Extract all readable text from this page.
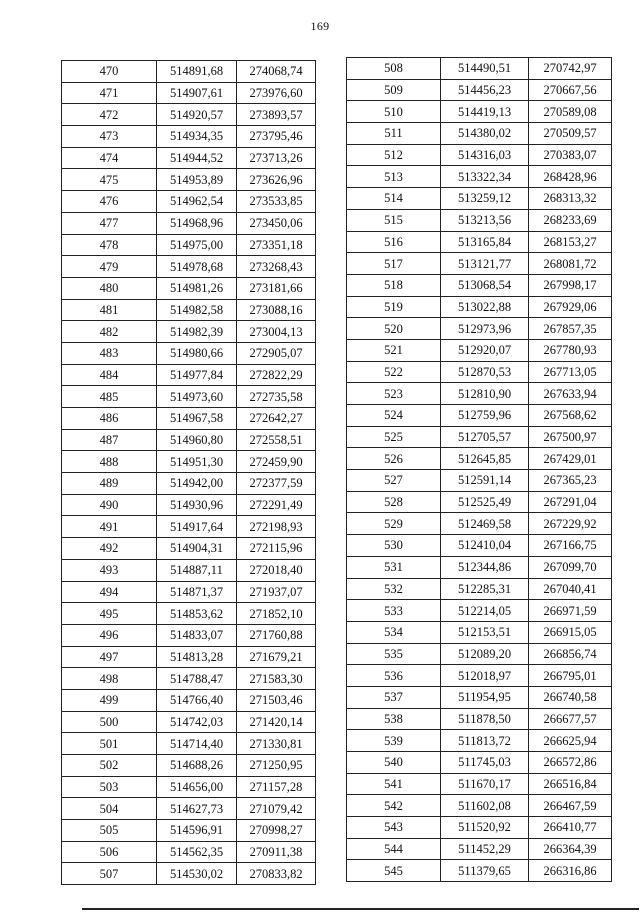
169
470	514891,68	274068,74
471	514907,61	273976,60
472	514920,57	273893,57
473	514934,35	273795,46
474	514944,52	273713,26
475	514953,89	273626,96
476	514962,54	273533,85
477	514968,96	273450,06
478	514975,00	273351,18
479	514978,68	273268,43
480	514981,26	273181,66
481	514982,58	273088,16
482	514982,39	273004,13
483	514980,66	272905,07
484	514977,84	272822,29
485	514973,60	272735,58
486	514967,58	272642,27
487	514960,80	272558,51
488	514951,30	272459,90
489	514942,00	272377,59
490	514930,96	272291,49
491	514917,64	272198,93
492	514904,31	272115,96
493	514887,11	272018,40
494	514871,37	271937,07
495	514853,62	271852,10
496	514833,07	271760,88
497	514813,28	271679,21
498	514788,47	271583,30
499	514766,40	271503,46
500	514742,03	271420,14
501	514714,40	271330,81
502	514688,26	271250,95
503	514656,00	271157,28
504	514627,73	271079,42
505	514596,91	270998,27
506	514562,35	270911,38
507	514530,02	270833,82
508	514490,51	270742,97
509	514456,23	270667,56
510	514419,13	270589,08
511	514380,02	270509,57
512	514316,03	270383,07
513	513322,34	268428,96
514	513259,12	268313,32
515	513213,56	268233,69
516	513165,84	268153,27
517	513121,77	268081,72
518	513068,54	267998,17
519	513022,88	267929,06
520	512973,96	267857,35
521	512920,07	267780,93
522	512870,53	267713,05
523	512810,90	267633,94
524	512759,96	267568,62
525	512705,57	267500,97
526	512645,85	267429,01
527	512591,14	267365,23
528	512525,49	267291,04
529	512469,58	267229,92
530	512410,04	267166,75
531	512344,86	267099,70
532	512285,31	267040,41
533	512214,05	266971,59
534	512153,51	266915,05
535	512089,20	266856,74
536	512018,97	266795,01
537	511954,95	266740,58
538	511878,50	266677,57
539	511813,72	266625,94
540	511745,03	266572,86
541	511670,17	266516,84
542	511602,08	266467,59
543	511520,92	266410,77
544	511452,29	266364,39
545	511379,65	266316,86
